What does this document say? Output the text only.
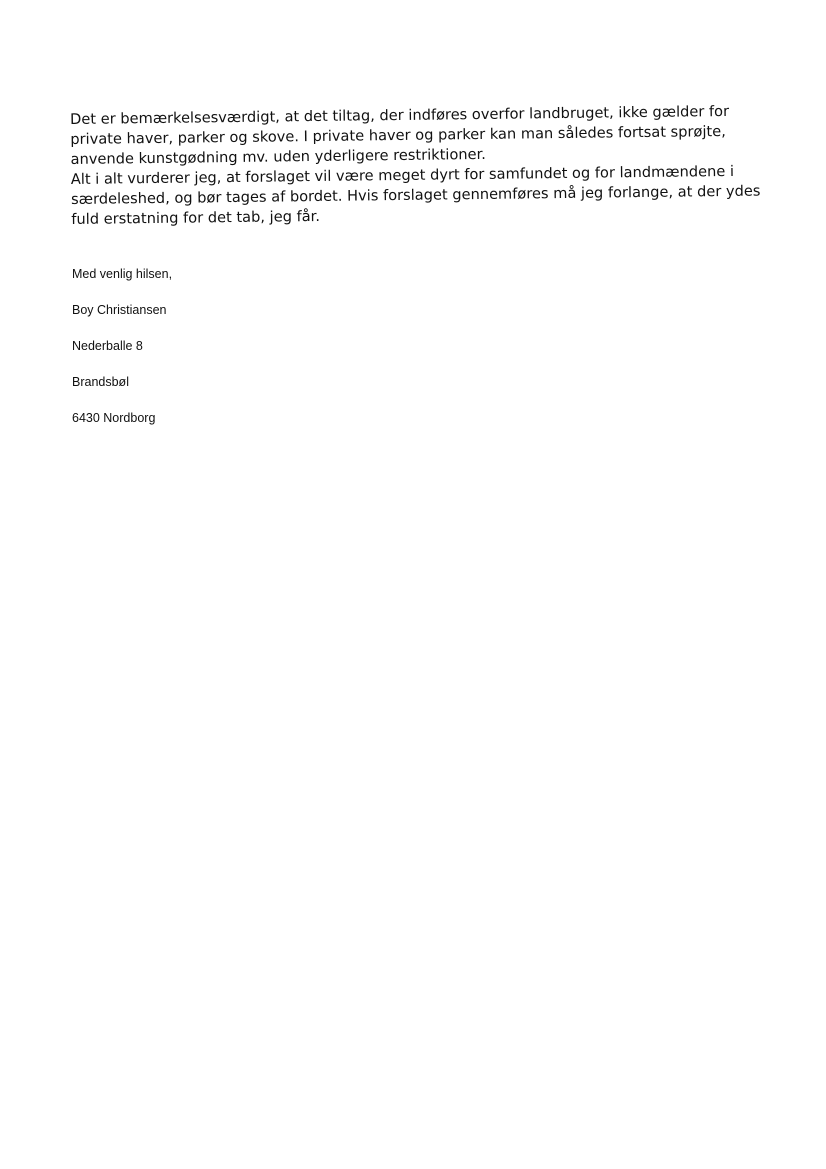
Det er bemærkelsesværdigt, at det tiltag, der indføres overfor landbruget, ikke gælder for private haver, parker og skove. I private haver og parker kan man således fortsat sprøjte, anvende kunstgødning mv. uden yderligere restriktioner.

Alt i alt vurderer jeg, at forslaget vil være meget dyrt for samfundet og for landmændene i særdeleshed, og bør tages af bordet. Hvis forslaget gennemføres må jeg forlange, at der ydes fuld erstatning for det tab, jeg får.

Med venlig hilsen,
Boy Christiansen
Nederballe 8
Brandsbøl
6430 Nordborg
